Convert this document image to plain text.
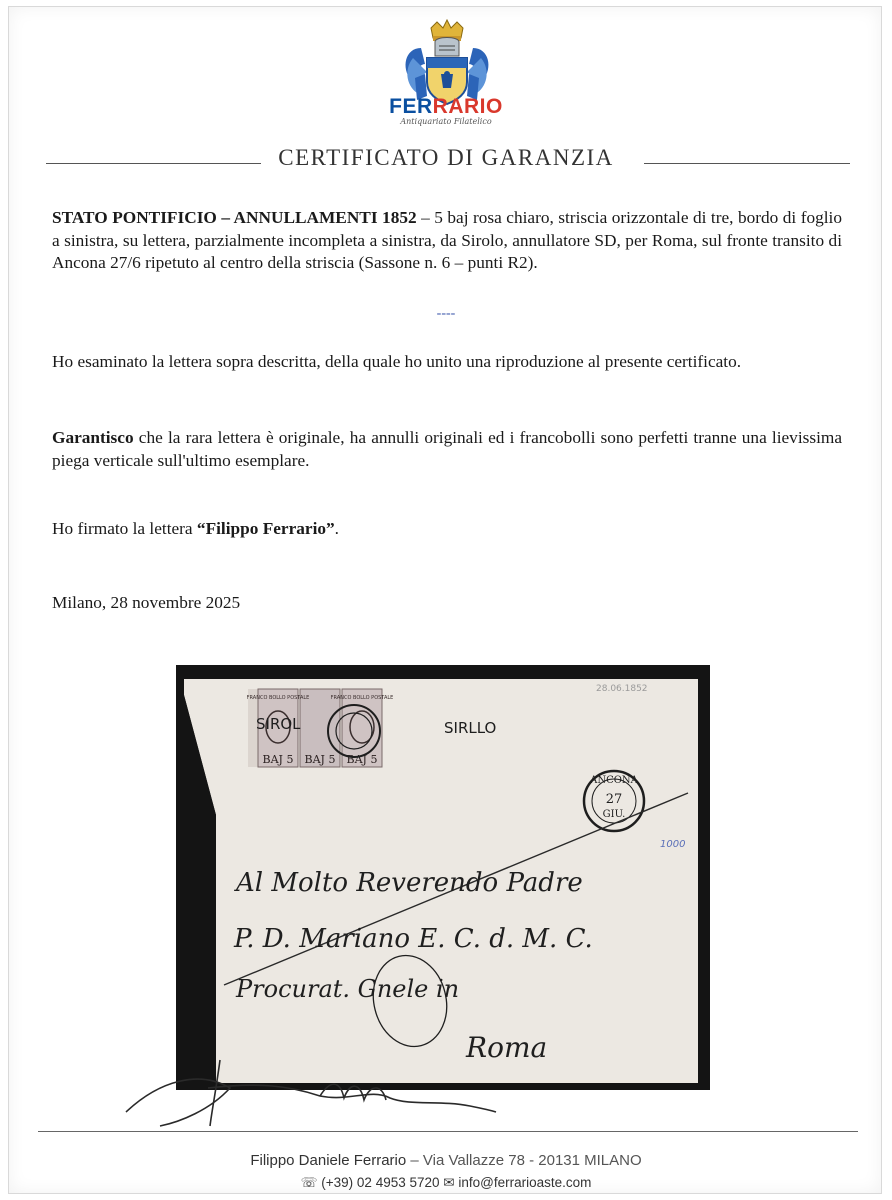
FERRARIO
Antiquariato Filatelico
CERTIFICATO DI GARANZIA

STATO PONTIFICIO – ANNULLAMENTI 1852 – 5 baj rosa chiaro, striscia orizzontale di tre, bordo di foglio a sinistra, su lettera, parzialmente incompleta a sinistra, da Sirolo, annullatore SD, per Roma, sul fronte transito di Ancona 27/6 ripetuto al centro della striscia (Sassone n. 6 – punti R2).

----

Ho esaminato la lettera sopra descritta, della quale ho unito una riproduzione al presente certificato.

Garantisco che la rara lettera è originale, ha annulli originali ed i francobolli sono perfetti tranne una lievissima piega verticale sull'ultimo esemplare.

Ho firmato la lettera “Filippo Ferrario”.

Milano, 28 novembre 2025

FRANCO BOLLO POSTALE	FRANCO BOLLO POSTALE
BAJ 5 BAJ 5 BAJ 5
SIROL	SIRLLO
28.06.1852
ANCONA
27
GIU.
1000
Al Molto Reverendo Padre
P. D. Mariano E. C. d. M. C.
Procurat. Gnele in
Roma
Filippo Daniele Ferrario – Via Vallazze 78 - 20131 MILANO
☏ (+39) 02 4953 5720 ✉ info@ferrarioaste.com
